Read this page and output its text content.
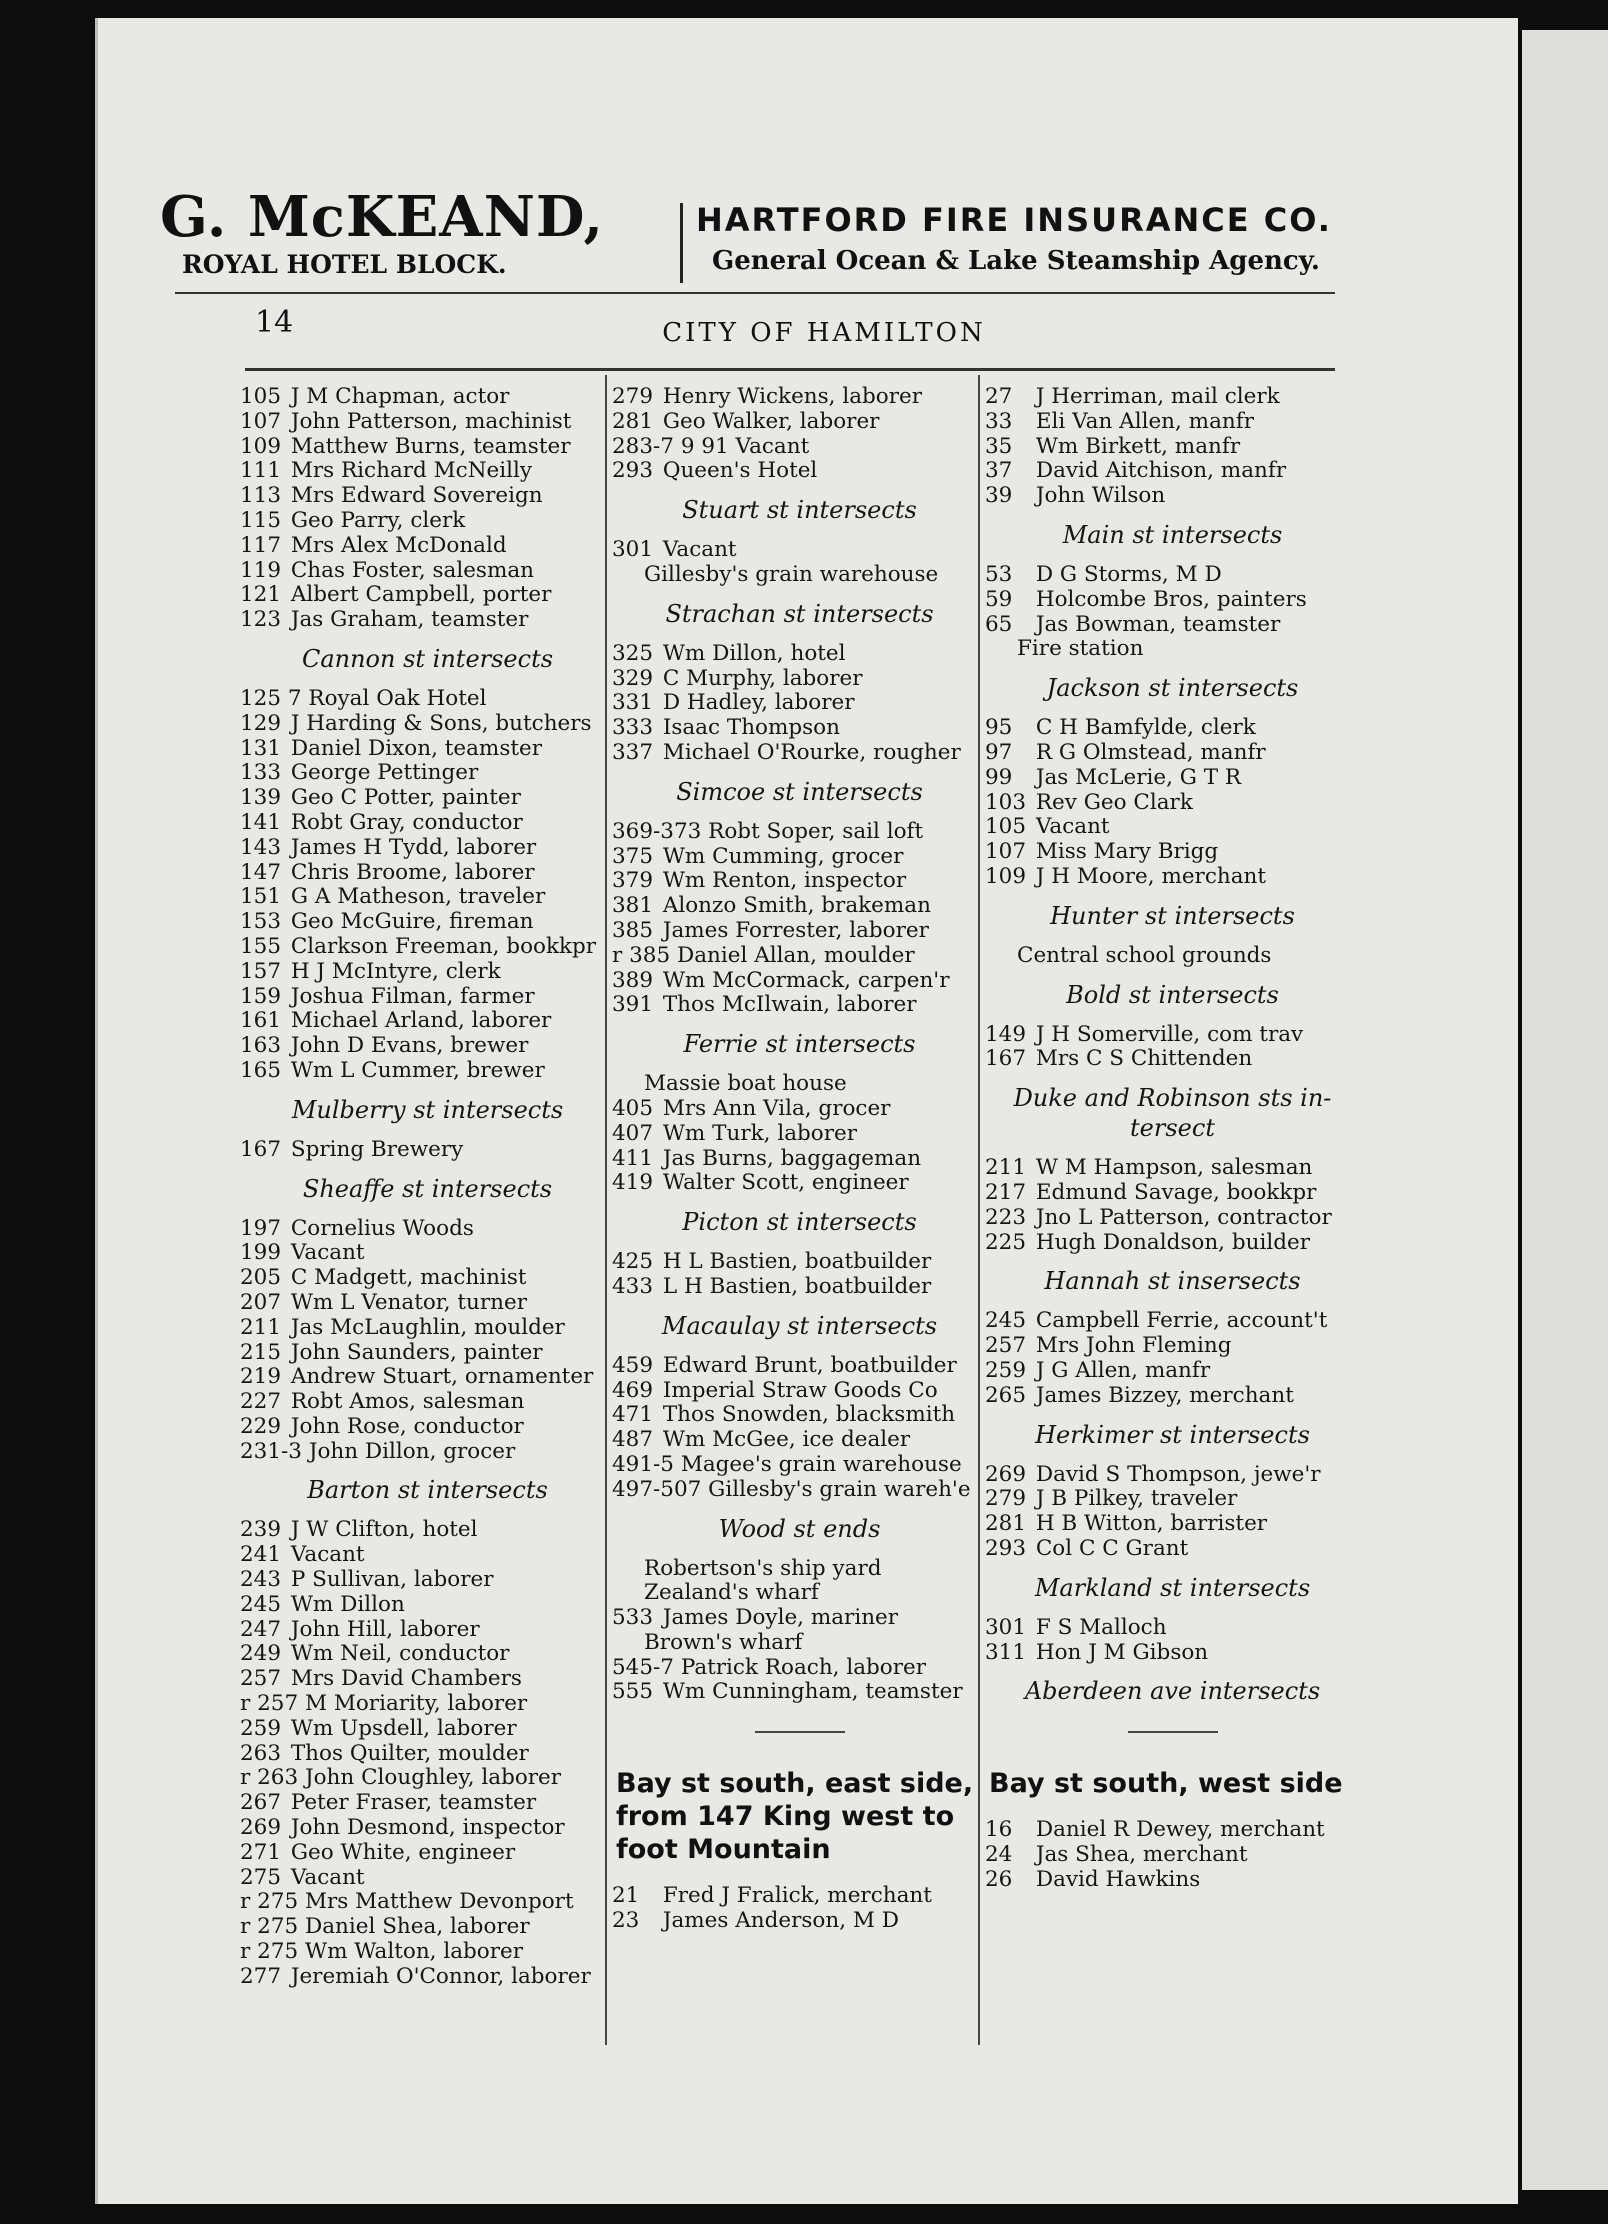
G. McKEAND,
ROYAL HOTEL BLOCK.
HARTFORD FIRE INSURANCE CO.
General Ocean & Lake Steamship Agency.
14	CITY OF HAMILTON
105 J M Chapman, actor
107 John Patterson, machinist
109 Matthew Burns, teamster
111 Mrs Richard McNeilly
113 Mrs Edward Sovereign
115 Geo Parry, clerk
117 Mrs Alex McDonald
119 Chas Foster, salesman
121 Albert Campbell, porter
123 Jas Graham, teamster
Cannon st intersects
125 7 Royal Oak Hotel
129 J Harding & Sons, butchers
131 Daniel Dixon, teamster
133 George Pettinger
139 Geo C Potter, painter
141 Robt Gray, conductor
143 James H Tydd, laborer
147 Chris Broome, laborer
151 G A Matheson, traveler
153 Geo McGuire, fireman
155 Clarkson Freeman, bookkpr
157 H J McIntyre, clerk
159 Joshua Filman, farmer
161 Michael Arland, laborer
163 John D Evans, brewer
165 Wm L Cummer, brewer
Mulberry st intersects
167 Spring Brewery
Sheaffe st intersects
197 Cornelius Woods
199 Vacant
205 C Madgett, machinist
207 Wm L Venator, turner
211 Jas McLaughlin, moulder
215 John Saunders, painter
219 Andrew Stuart, ornamenter
227 Robt Amos, salesman
229 John Rose, conductor
231-3 John Dillon, grocer
Barton st intersects
239 J W Clifton, hotel
241 Vacant
243 P Sullivan, laborer
245 Wm Dillon
247 John Hill, laborer
249 Wm Neil, conductor
257 Mrs David Chambers
r 257 M Moriarity, laborer
259 Wm Upsdell, laborer
263 Thos Quilter, moulder
r 263 John Cloughley, laborer
267 Peter Fraser, teamster
269 John Desmond, inspector
271 Geo White, engineer
275 Vacant
r 275 Mrs Matthew Devonport
r 275 Daniel Shea, laborer
r 275 Wm Walton, laborer
277 Jeremiah O'Connor, laborer
279 Henry Wickens, laborer
281 Geo Walker, laborer
283-7 9 91 Vacant
293 Queen's Hotel
Stuart st intersects
301 Vacant
Gillesby's grain warehouse
Strachan st intersects
325 Wm Dillon, hotel
329 C Murphy, laborer
331 D Hadley, laborer
333 Isaac Thompson
337 Michael O'Rourke, rougher
Simcoe st intersects
369-373 Robt Soper, sail loft
375 Wm Cumming, grocer
379 Wm Renton, inspector
381 Alonzo Smith, brakeman
385 James Forrester, laborer
r 385 Daniel Allan, moulder
389 Wm McCormack, carpen'r
391 Thos McIlwain, laborer
Ferrie st intersects
Massie boat house
405 Mrs Ann Vila, grocer
407 Wm Turk, laborer
411 Jas Burns, baggageman
419 Walter Scott, engineer
Picton st intersects
425 H L Bastien, boatbuilder
433 L H Bastien, boatbuilder
Macaulay st intersects
459 Edward Brunt, boatbuilder
469 Imperial Straw Goods Co
471 Thos Snowden, blacksmith
487 Wm McGee, ice dealer
491-5 Magee's grain warehouse
497-507 Gillesby's grain wareh'e
Wood st ends
Robertson's ship yard
Zealand's wharf
533 James Doyle, mariner
Brown's wharf
545-7 Patrick Roach, laborer
555 Wm Cunningham, teamster
Bay st south, east side, from 147 King west to foot Mountain
21 Fred J Fralick, merchant
23 James Anderson, M D
27 J Herriman, mail clerk
33 Eli Van Allen, manfr
35 Wm Birkett, manfr
37 David Aitchison, manfr
39 John Wilson
Main st intersects
53 D G Storms, M D
59 Holcombe Bros, painters
65 Jas Bowman, teamster
Fire station
Jackson st intersects
95 C H Bamfylde, clerk
97 R G Olmstead, manfr
99 Jas McLerie, G T R
103 Rev Geo Clark
105 Vacant
107 Miss Mary Brigg
109 J H Moore, merchant
Hunter st intersects
Central school grounds
Bold st intersects
149 J H Somerville, com trav
167 Mrs C S Chittenden
Duke and Robinson sts in-
tersect
211 W M Hampson, salesman
217 Edmund Savage, bookkpr
223 Jno L Patterson, contractor
225 Hugh Donaldson, builder
Hannah st insersects
245 Campbell Ferrie, account't
257 Mrs John Fleming
259 J G Allen, manfr
265 James Bizzey, merchant
Herkimer st intersects
269 David S Thompson, jewe'r
279 J B Pilkey, traveler
281 H B Witton, barrister
293 Col C C Grant
Markland st intersects
301 F S Malloch
311 Hon J M Gibson
Aberdeen ave intersects
Bay st south, west side
16 Daniel R Dewey, merchant
24 Jas Shea, merchant
26 David Hawkins
